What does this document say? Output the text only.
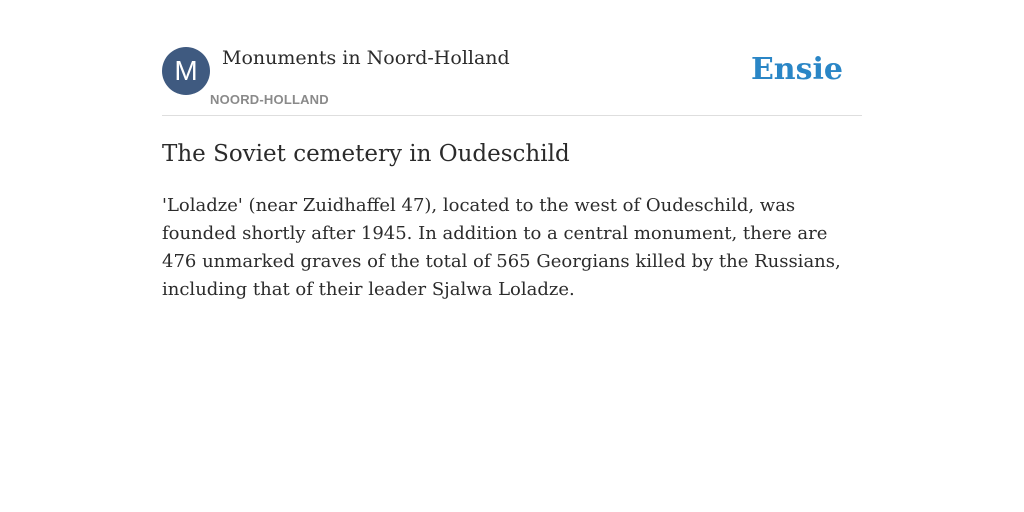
M	Monuments in Noord-Holland
NOORD-HOLLAND
Ensie
The Soviet cemetery in Oudeschild

'Loladze' (near Zuidhaffel 47), located to the west of Oudeschild, was founded shortly after 1945. In addition to a central monument, there are 476 unmarked graves of the total of 565 Georgians killed by the Russians, including that of their leader Sjalwa Loladze.
